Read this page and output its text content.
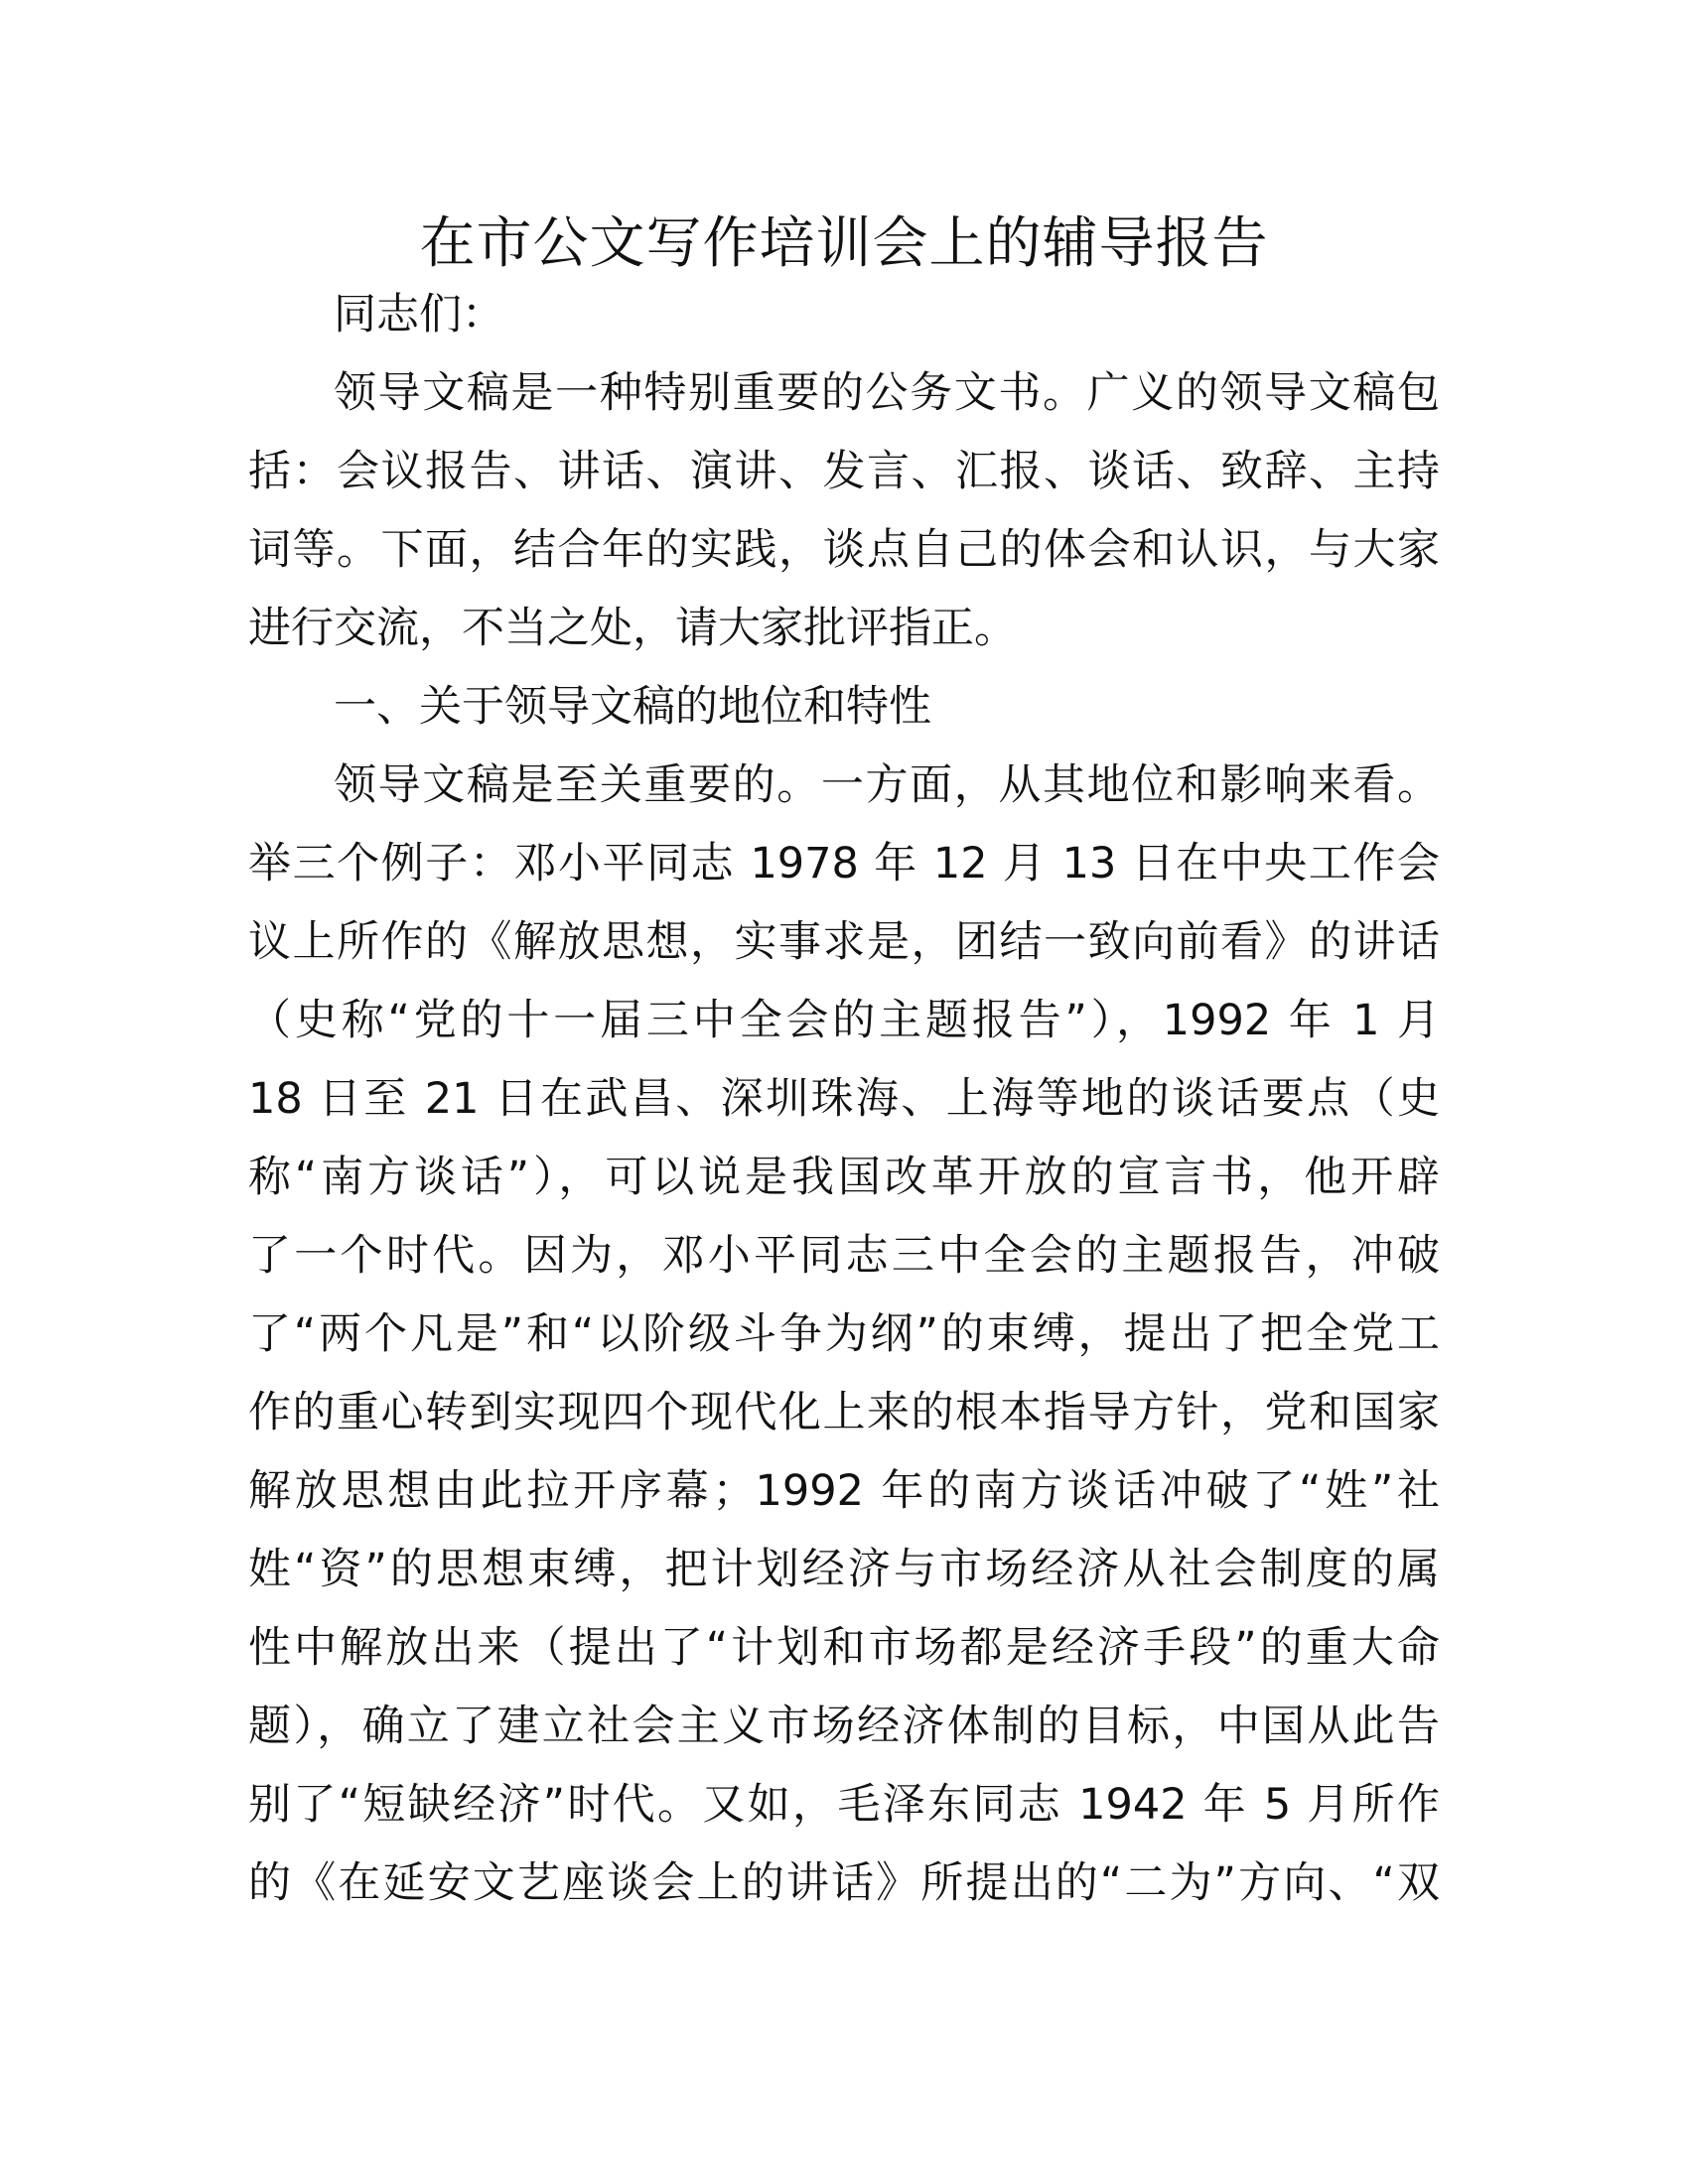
在市公文写作培训会上的辅导报告
同志们：
领导文稿是一种特别重要的公务文书。广义的领导文稿包
括：会议报告、讲话、演讲、发言、汇报、谈话、致辞、主持
词等。下面，结合年的实践，谈点自己的体会和认识，与大家
进行交流，不当之处，请大家批评指正。
一、关于领导文稿的地位和特性
领导文稿是至关重要的。一方面，从其地位和影响来看。
举三个例子：邓小平同志 1978 年 12 月 13 日在中央工作会
议上所作的《解放思想，实事求是，团结一致向前看》的讲话
（史称“党的十一届三中全会的主题报告”），1992 年 1 月
18 日至 21 日在武昌、深圳珠海、上海等地的谈话要点（史
称“南方谈话”），可以说是我国改革开放的宣言书，他开辟
了一个时代。因为，邓小平同志三中全会的主题报告，冲破
了“两个凡是”和“以阶级斗争为纲”的束缚，提出了把全党工
作的重心转到实现四个现代化上来的根本指导方针，党和国家
解放思想由此拉开序幕；1992 年的南方谈话冲破了“姓”社
姓“资”的思想束缚，把计划经济与市场经济从社会制度的属
性中解放出来（提出了“计划和市场都是经济手段”的重大命
题），确立了建立社会主义市场经济体制的目标，中国从此告
别了“短缺经济”时代。又如，毛泽东同志 1942 年 5 月所作
的《在延安文艺座谈会上的讲话》所提出的“二为”方向、“双
